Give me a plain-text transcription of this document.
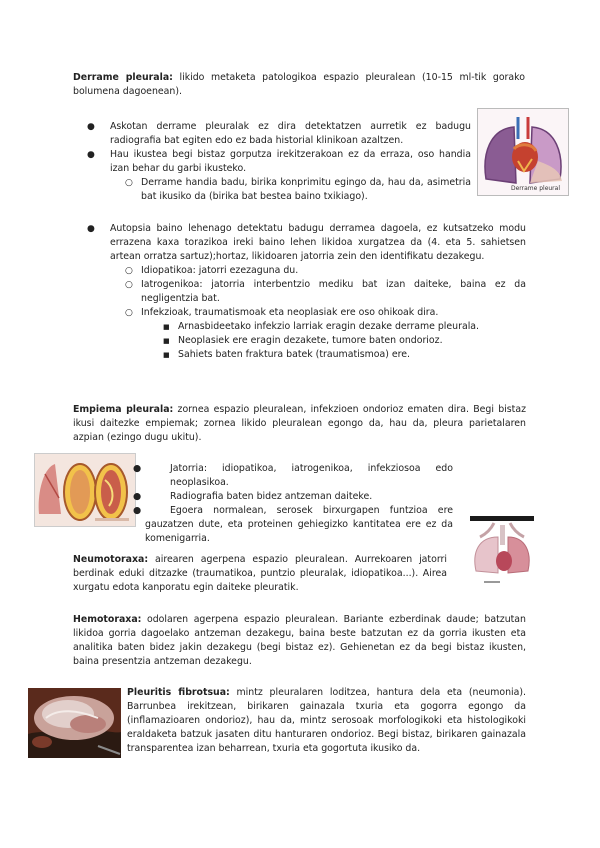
Derrame pleurala: likido metaketa patologikoa espazio pleuralean (10-15 ml-tik gorako bolumena dagoenean).

● Askotan derrame pleuralak ez dira detektatzen aurretik ez badugu radiografia bat egiten edo ez bada historial klinikoan azaltzen.
● Hau ikustea begi bistaz gorputza irekitzerakoan ez da erraza, oso handia izan behar du garbi ikusteko.
○ Derrame handia badu, birika konprimitu egingo da, hau da, asimetria bat ikusiko da (birika bat bestea baino txikiago).
Derrame pleural
● Autopsia baino lehenago detektatu badugu derramea dagoela, ez kutsatzeko modu errazena kaxa torazikoa ireki baino lehen likidoa xurgatzea da (4. eta 5. sahietsen artean orratza sartuz);hortaz, likidoaren jatorria zein den identifikatu dezakegu.
○ Idiopatikoa: jatorri ezezaguna du.
○ Iatrogenikoa: jatorria interbentzio mediku bat izan daiteke, baina ez da negligentzia bat.
○ Infekzioak, traumatismoak eta neoplasiak ere oso ohikoak dira.
■ Arnasbideetako infekzio larriak eragin dezake derrame pleurala.
■ Neoplasiek ere eragin dezakete, tumore baten ondorioz.
■ Sahiets baten fraktura batek (traumatismoa) ere.

Empiema pleurala: zornea espazio pleuralean, infekzioen ondorioz ematen dira. Begi bistaz ikusi daitezke empiemak; zornea likido pleuralean egongo da, hau da, pleura parietalaren azpian (ezingo dugu ukitu).

●	Jatorria: idiopatikoa, iatrogenikoa, infekziosoa edo neoplasikoa.
●	Radiografia baten bidez antzeman daiteke.
●	Egoera normalean, serosek birxurgapen funtzioa ere gauzatzen dute, eta proteinen gehiegizko kantitatea ere ez da komenigarria.

Neumotoraxa: airearen agerpena espazio pleuralean. Aurrekoaren jatorri berdinak eduki ditzazke (traumatikoa, puntzio pleuralak, idiopatikoa...). Airea xurgatu edota kanporatu egin daiteke pleuratik.

Hemotoraxa: odolaren agerpena espazio pleuralean. Bariante ezberdinak daude; batzutan likidoa gorria dagoelako antzeman dezakegu, baina beste batzutan ez da gorria ikusten eta analitika baten bidez jakin dezakegu (begi bistaz ez). Gehienetan ez da begi bistaz ikusten, baina presentzia antzeman dezakegu.

Pleuritis fibrotsua: mintz pleuralaren loditzea, hantura dela eta (neumonia). Barrunbea irekitzean, birikaren gainazala txuria eta gogorra egongo da (inflamazioaren ondorioz), hau da, mintz serosoak morfologikoki eta histologikoki eraldaketa batzuk jasaten ditu hanturaren ondorioz. Begi bistaz, birikaren gainazala transparentea izan beharrean, txuria eta gogortuta ikusiko da.
